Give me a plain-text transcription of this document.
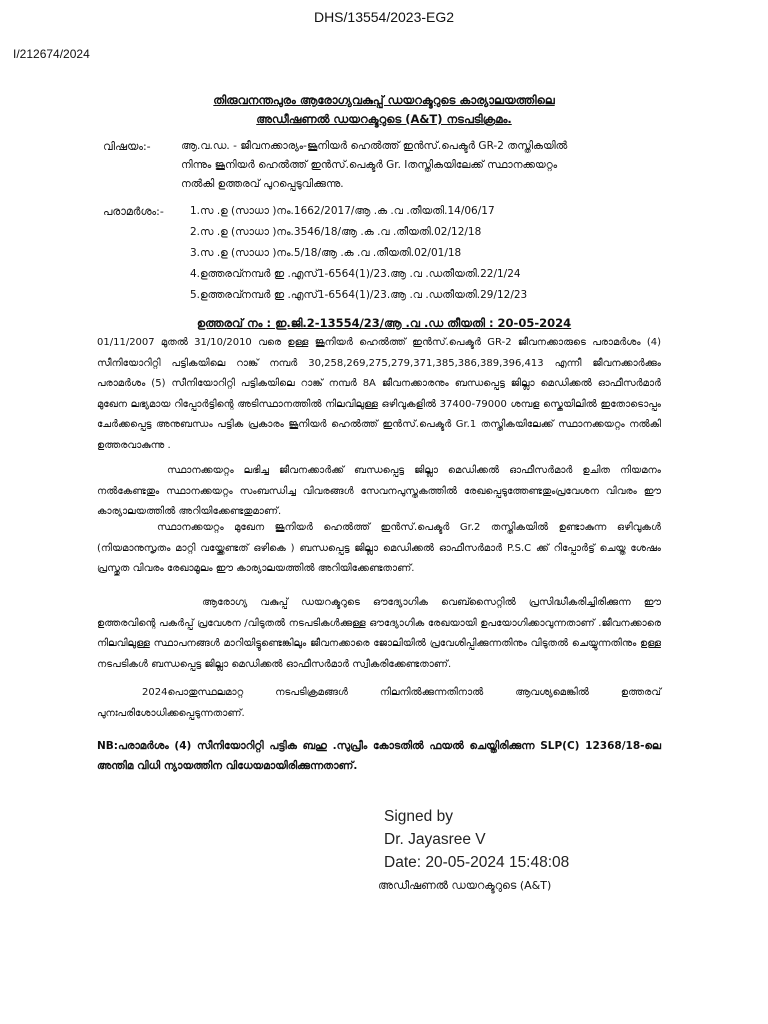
DHS/13554/2023-EG2
I/212674/2024
തിരുവനന്തപുരം ആരോഗ്യവകുപ്പ് ഡയറക്ടറുടെ കാര്യാലയത്തിലെ
അഡീഷണൽ ഡയറക്ടറുടെ (A&T) നടപടിക്രമം.
വിഷയം:-	ആ.വ.ഡ. - ജീവനക്കാര്യം-ജൂനിയർ ഹെൽത്ത് ഇൻസ്.പെക്ടർ GR-2 തസ്തികയിൽ
നിന്നും ജൂനിയർ ഹെൽത്ത് ഇൻസ്.പെക്ടർ Gr. Iതസ്തികയിലേക്ക് സ്ഥാനക്കയറ്റം
നൽകി ഉത്തരവ് പുറപ്പെടുവിക്കുന്നു.
പരാമർശം:- 1.സ .ഉ (സാധാ )നം.1662/2017/ആ .ക .വ .തീയതി.14/06/17
2.സ .ഉ (സാധാ )നം.3546/18/ആ .ക .വ .തീയതി.02/12/18
3.സ .ഉ (സാധാ )നം.5/18/ആ .ക .വ .തീയതി.02/01/18
4.ഉത്തരവ്നമ്പർ ഇ .എസ്1-6564(1)/23.ആ .വ .ഡതീയതി.22/1/24
5.ഉത്തരവ്നമ്പർ ഇ .എസ്1-6564(1)/23.ആ .വ .ഡതീയതി.29/12/23
ഉത്തരവ് നം : ഇ.ജി.2-13554/23/ആ .വ .ഡ തീയതി : 20-05-2024
01/11/2007 മുതൽ 31/10/2010 വരെ ഉള്ള ജൂനിയർ ഹെൽത്ത് ഇൻസ്.പെക്ടർ GR-2 ജീവനക്കാരുടെ പരാമർശം (4) സീനിയോറിറ്റി പട്ടികയിലെ റാങ്ക് നമ്പർ 30,258,269,275,279,371,385,386,389,396,413 എന്നീ ജീവനക്കാർക്കും പരാമർശം (5) സീനിയോറിറ്റി പട്ടികയിലെ റാങ്ക് നമ്പർ 8A ജീവനക്കാരനും ബന്ധപ്പെട്ട ജില്ലാ മെഡിക്കൽ ഓഫീസർമാർ മുഖേന ലഭ്യമായ റിപ്പോർട്ടിന്റെ അടിസ്ഥാനത്തിൽ നിലവിലുള്ള ഒഴിവുകളിൽ 37400-79000 ശമ്പള സ്കെയിലിൽ ഇതോടൊപ്പം ചേർക്കപ്പെട്ട അനുബന്ധം പട്ടിക പ്രകാരം ജൂനിയർ ഹെൽത്ത് ഇൻസ്.പെക്ടർ Gr.1 തസ്തികയിലേക്ക് സ്ഥാനക്കയറ്റം നൽകി ഉത്തരവാകുന്നു .
സ്ഥാനക്കയറ്റം ലഭിച്ച ജീവനക്കാർക്ക് ബന്ധപ്പെട്ട ജില്ലാ മെഡിക്കൽ ഓഫീസർമാർ ഉചിത നിയമനം നൽകേണ്ടതും സ്ഥാനക്കയറ്റം സംബന്ധിച്ച വിവരങ്ങൾ സേവനപുസ്തകത്തിൽ രേഖപ്പെടുത്തേണ്ടതുംപ്രവേശന വിവരം ഈ കാര്യാലയത്തിൽ അറിയിക്കേണ്ടതുമാണ്.
സ്ഥാനക്കയറ്റം മുഖേന ജൂനിയർ ഹെൽത്ത് ഇൻസ്.പെക്ടർ Gr.2 തസ്തികയിൽ ഉണ്ടാകുന്ന ഒഴിവുകൾ (നിയമാനുസൃതം മാറ്റി വയ്ക്കേണ്ടത് ഒഴികെ ) ബന്ധപ്പെട്ട ജില്ലാ മെഡിക്കൽ ഓഫീസർമാർ P.S.C ക്ക് റിപ്പോർട്ട് ചെയ്ത ശേഷം പ്രസ്തുത വിവരം രേഖാമൂലം ഈ കാര്യാലയത്തിൽ അറിയിക്കേണ്ടതാണ്.
ആരോഗ്യ വകുപ്പ് ഡയറക്ടറുടെ ഔദ്യോഗിക വെബ്സൈറ്റിൽ പ്രസിദ്ധീകരിച്ചിരിക്കുന്ന ഈ ഉത്തരവിന്റെ പകർപ്പ് പ്രവേശന /വിടുതൽ നടപടികൾക്കുള്ള ഔദ്യോഗിക രേഖയായി ഉപയോഗിക്കാവുന്നതാണ് .ജീവനക്കാരെ നിലവിലുള്ള സ്ഥാപനങ്ങൾ മാറിയിട്ടുണ്ടെങ്കിലും ജീവനക്കാരെ ജോലിയിൽ പ്രവേശിപ്പിക്കുന്നതിനും വിടുതൽ ചെയ്യുന്നതിനും ഉള്ള നടപടികൾ ബന്ധപ്പെട്ട ജില്ലാ മെഡിക്കൽ ഓഫീസർമാർ സ്വീകരിക്കേണ്ടതാണ്.
2024പൊതുസ്ഥലമാറ്റ നടപടിക്രമങ്ങൾ നിലനിൽക്കുന്നതിനാൽ ആവശ്യമെങ്കിൽ ഉത്തരവ് പുനഃപരിശോധിക്കപ്പെടുന്നതാണ്.
NB:പരാമർശം (4) സീനിയോറിറ്റി പട്ടിക ബഹു .സുപ്രീം കോടതിൽ ഫയൽ ചെയ്തിരിക്കുന്ന SLP(C) 12368/18-ലെ അന്തിമ വിധി ന്യായത്തിന വിധേയമായിരിക്കുന്നതാണ്.
Signed by
Dr. Jayasree V
Date: 20-05-2024 15:48:08
അഡീഷണൽ ഡയറക്ടറുടെ (A&T)
